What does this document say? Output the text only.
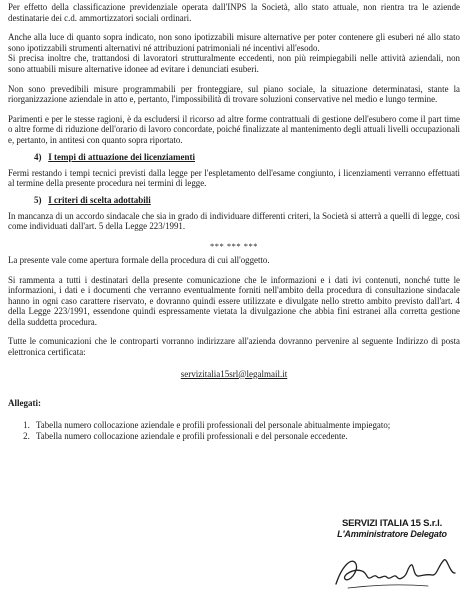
Per effetto della classificazione previdenziale operata dall'INPS la Società, allo stato attuale, non rientra tra le aziende destinatarie dei c.d. ammortizzatori sociali ordinari.

Anche alla luce di quanto sopra indicato, non sono ipotizzabili misure alternative per poter contenere gli esuberi né allo stato sono ipotizzabili strumenti alternativi né attribuzioni patrimoniali né incentivi all'esodo.

Si precisa inoltre che, trattandosi di lavoratori strutturalmente eccedenti, non più reimpiegabili nelle attività aziendali, non sono attuabili misure alternative idonee ad evitare i denunciati esuberi.

Non sono prevedibili misure programmabili per fronteggiare, sul piano sociale, la situazione determinatasi, stante la riorganizzazione aziendale in atto e, pertanto, l'impossibilità di trovare soluzioni conservative nel medio e lungo termine.

Parimenti e per le stesse ragioni, è da escludersi il ricorso ad altre forme contrattuali di gestione dell'esubero come il part time o altre forme di riduzione dell'orario di lavoro concordate, poiché finalizzate al mantenimento degli attuali livelli occupazionali e, pertanto, in antitesi con quanto sopra riportato.

4) I tempi di attuazione dei licenziamenti

Fermi restando i tempi tecnici previsti dalla legge per l'espletamento dell'esame congiunto, i licenziamenti verranno effettuati al termine della presente procedura nei termini di legge.

5) I criteri di scelta adottabili

In mancanza di un accordo sindacale che sia in grado di individuare differenti criteri, la Società si atterrà a quelli di legge, così come individuati dall'art. 5 della Legge 223/1991.

*** *** ***

La presente vale come apertura formale della procedura di cui all'oggetto.

Si rammenta a tutti i destinatari della presente comunicazione che le informazioni e i dati ivi contenuti, nonché tutte le informazioni, i dati e i documenti che verranno eventualmente forniti nell'ambito della procedura di consultazione sindacale hanno in ogni caso carattere riservato, e dovranno quindi essere utilizzate e divulgate nello stretto ambito previsto dall'art. 4 della Legge 223/1991, essendone quindi espressamente vietata la divulgazione che abbia fini estranei alla corretta gestione della suddetta procedura.

Tutte le comunicazioni che le controparti vorranno indirizzare all'azienda dovranno pervenire al seguente Indirizzo di posta elettronica certificata:

servizitalia15srl@legalmail.it
Allegati:
1. Tabella numero collocazione aziendale e profili professionali del personale abitualmente impiegato;
2. Tabella numero collocazione aziendale e profili professionali e del personale eccedente.
SERVIZI ITALIA 15 S.r.l.
L'Amministratore Delegato
